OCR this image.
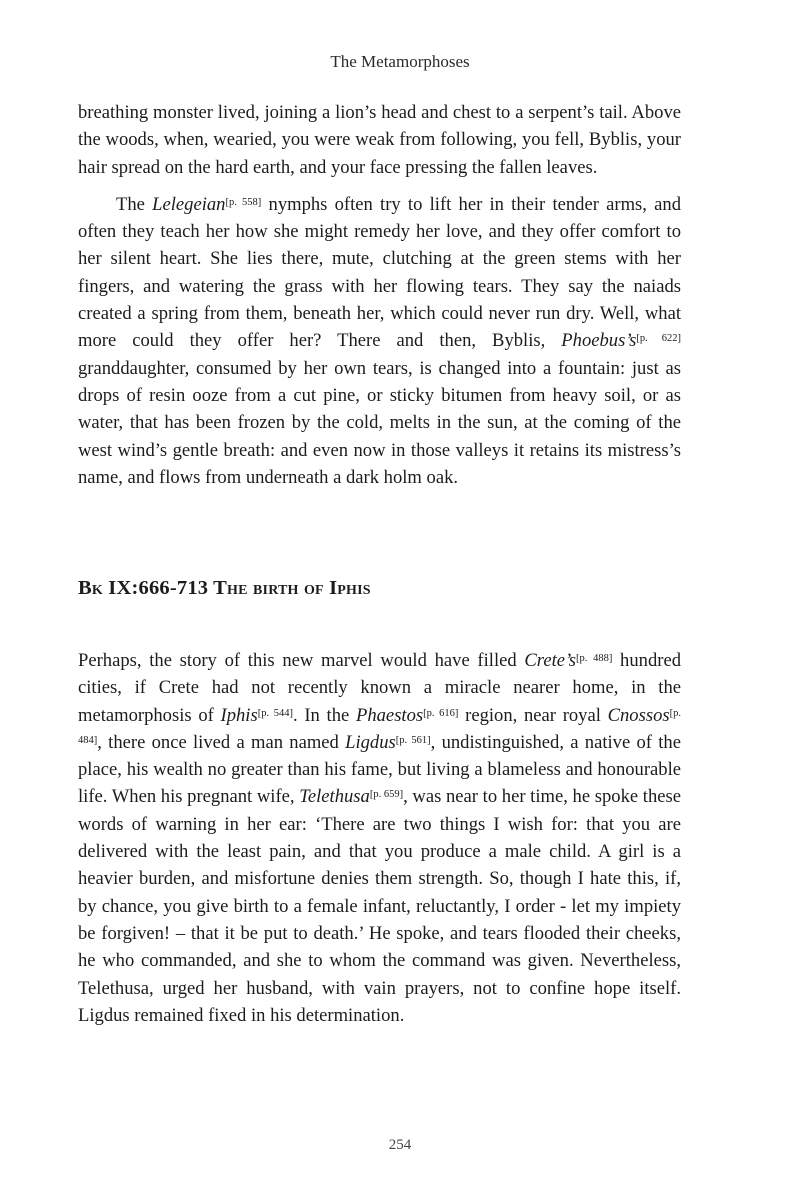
The Metamorphoses

breathing monster lived, joining a lion’s head and chest to a serpent’s tail. Above the woods, when, wearied, you were weak from following, you fell, Byblis, your hair spread on the hard earth, and your face pressing the fallen leaves.

The Lelegeian[p. 558] nymphs often try to lift her in their tender arms, and often they teach her how she might remedy her love, and they offer comfort to her silent heart. She lies there, mute, clutching at the green stems with her fingers, and watering the grass with her flowing tears. They say the naiads created a spring from them, beneath her, which could never run dry. Well, what more could they offer her? There and then, Byblis, Phoebus’s[p. 622] granddaughter, consumed by her own tears, is changed into a fountain: just as drops of resin ooze from a cut pine, or sticky bitumen from heavy soil, or as water, that has been frozen by the cold, melts in the sun, at the coming of the west wind’s gentle breath: and even now in those valleys it retains its mistress’s name, and flows from underneath a dark holm oak.

Bk IX:666-713 The birth of Iphis

Perhaps, the story of this new marvel would have filled Crete’s[p. 488] hundred cities, if Crete had not recently known a miracle nearer home, in the metamorphosis of Iphis[p. 544]. In the Phaestos[p. 616] region, near royal Cnossos[p. 484], there once lived a man named Ligdus[p. 561], undistinguished, a native of the place, his wealth no greater than his fame, but living a blameless and honourable life. When his pregnant wife, Telethusa[p. 659], was near to her time, he spoke these words of warning in her ear: ‘There are two things I wish for: that you are delivered with the least pain, and that you produce a male child. A girl is a heavier burden, and misfortune denies them strength. So, though I hate this, if, by chance, you give birth to a female infant, reluctantly, I order - let my impiety be forgiven! – that it be put to death.’ He spoke, and tears flooded their cheeks, he who commanded, and she to whom the command was given. Nevertheless, Telethusa, urged her husband, with vain prayers, not to confine hope itself. Ligdus remained fixed in his determination.

254
